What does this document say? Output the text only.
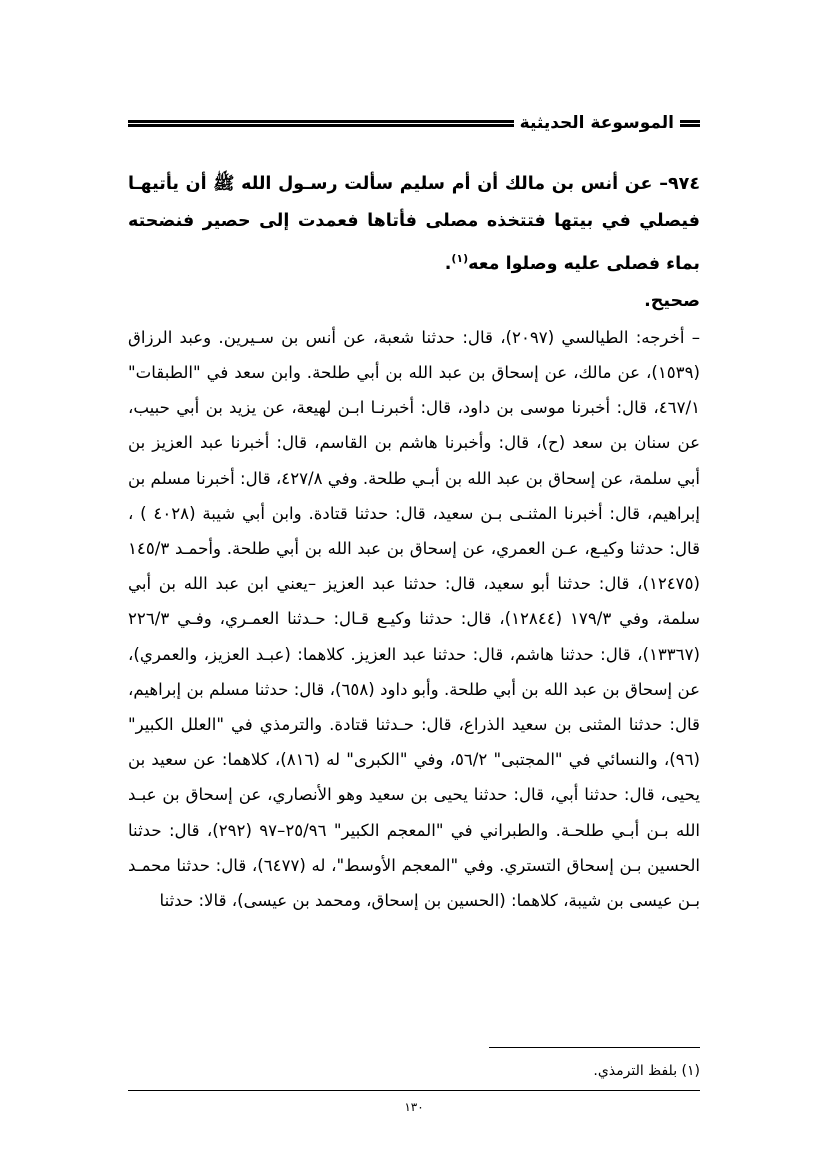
الموسوعة الحديثية

٩٧٤– عن أنس بن مالك أن أم سليم سألت رسـول الله ﷺ أن يأتيهـا فيصلي في بيتها فتتخذه مصلى فأتاها فعمدت إلى حصير فنضحته بماء فصلى عليه وصلوا معه$^{(١)}$.

صحيح.

– أخرجه: الطيالسي (٢٠٩٧)، قال: حدثنا شعبة، عن أنس بن سـيرين. وعبد الرزاق (١٥٣٩)، عن مالك، عن إسحاق بن عبد الله بن أبي طلحة. وابن سعد في "الطبقات" ٤٦٧/١، قال: أخبرنا موسى بن داود، قال: أخبرنـا ابـن لهيعة، عن يزيد بن أبي حبيب، عن سنان بن سعد (ح)، قال: وأخبرنا هاشم بن القاسم، قال: أخبرنا عبد العزيز بن أبي سلمة، عن إسحاق بن عبد الله بن أبـي طلحة. وفي ٤٢٧/٨، قال: أخبرنا مسلم بن إبراهيم، قال: أخبرنا المثنـى بـن سعيد، قال: حدثنا قتادة. وابن أبي شيبة (٤٠٢٨ ) ، قال: حدثنا وكيـع، عـن العمري، عن إسحاق بن عبد الله بن أبي طلحة. وأحمـد ١٤٥/٣ (١٢٤٧٥)، قال: حدثنا أبو سعيد، قال: حدثنا عبد العزيز –يعني ابن عبد الله بن أبي سلمة، وفي ١٧٩/٣ (١٢٨٤٤)، قال: حدثنا وكيـع قـال: حـدثنا العمـري، وفـي ٢٢٦/٣ (١٣٣٦٧)، قال: حدثنا هاشم، قال: حدثنا عبد العزيز. كلاهما: (عبـد العزيز، والعمري)، عن إسحاق بن عبد الله بن أبي طلحة. وأبو داود (٦٥٨)، قال: حدثنا مسلم بن إبراهيم، قال: حدثنا المثنى بن سعيد الذراع، قال: حـدثنا قتادة. والترمذي في "العلل الكبير" (٩٦)، والنسائي في "المجتبى" ٥٦/٢، وفي "الكبرى" له (٨١٦)، كلاهما: عن سعيد بن يحيى، قال: حدثنا أبي، قال: حدثنا يحيى بن سعيد وهو الأنصاري، عن إسحاق بن عبـد الله بـن أبـي طلحـة. والطبراني في "المعجم الكبير" ٢٥/٩٦–٩٧ (٢٩٢)، قال: حدثنا الحسين بـن إسحاق التستري. وفي "المعجم الأوسط"، له (٦٤٧٧)، قال: حدثنا محمـد بـن عيسى بن شيبة، كلاهما: (الحسين بن إسحاق، ومحمد بن عيسى)، قالا: حدثنا

(١) بلفظ الترمذي.
١٣٠
